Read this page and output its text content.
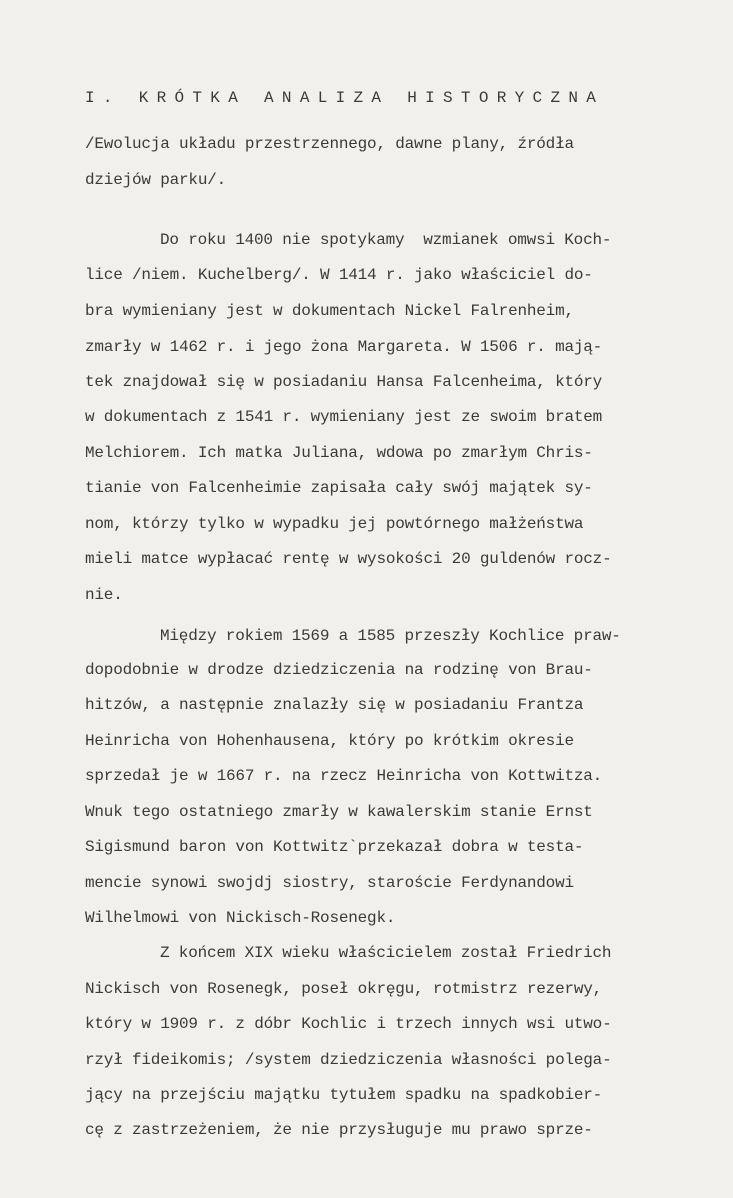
I. KRÓTKA ANALIZA HISTORYCZNA
/Ewolucja układu przestrzennego, dawne plany, źródła
dziejów parku/.
Do roku 1400 nie spotykamy  wzmianek omwsi Koch-
lice /niem. Kuchelberg/. W 1414 r. jako właściciel do-
bra wymieniany jest w dokumentach Nickel Falrenheim,
zmarły w 1462 r. i jego żona Margareta. W 1506 r. mają-
tek znajdował się w posiadaniu Hansa Falcenheima, który
w dokumentach z 1541 r. wymieniany jest ze swoim bratem
Melchiorem. Ich matka Juliana, wdowa po zmarłym Chris-
tianie von Falcenheimie zapisała cały swój majątek sy-
nom, którzy tylko w wypadku jej powtórnego małżeństwa
mieli matce wypłacać rentę w wysokości 20 guldenów rocz-
nie.
Między rokiem 1569 a 1585 przeszły Kochlice praw-
dopodobnie w drodze dziedziczenia na rodzinę von Brau-
hitzów, a następnie znalazły się w posiadaniu Frantza
Heinricha von Hohenhausena, który po krótkim okresie
sprzedał je w 1667 r. na rzecz Heinricha von Kottwitza.
Wnuk tego ostatniego zmarły w kawalerskim stanie Ernst
Sigismund baron von Kottwitz`przekazał dobra w testa-
mencie synowi swojdj siostry, staroście Ferdynandowi
Wilhelmowi von Nickisch-Rosenegk.
Z końcem XIX wieku właścicielem został Friedrich
Nickisch von Rosenegk, poseł okręgu, rotmistrz rezerwy,
który w 1909 r. z dóbr Kochlic i trzech innych wsi utwo-
rzył fideikomis; /system dziedziczenia własności polega-
jący na przejściu majątku tytułem spadku na spadkobier-
cę z zastrzeżeniem, że nie przysługuje mu prawo sprze-
